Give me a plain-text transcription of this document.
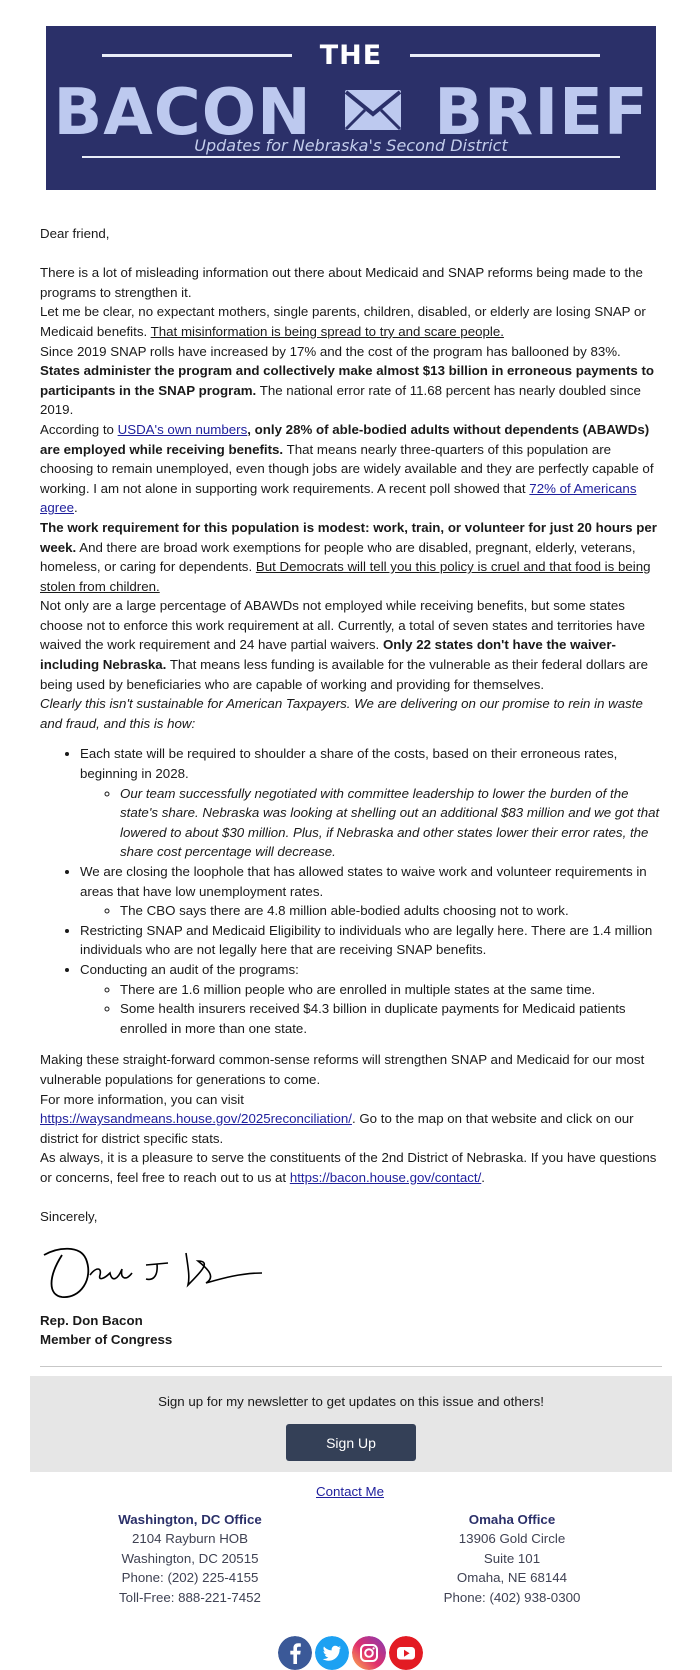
THE
BACON BRIEF
Updates for Nebraska's Second District

Dear friend,

There is a lot of misleading information out there about Medicaid and SNAP reforms being made to the programs to strengthen it.

Let me be clear, no expectant mothers, single parents, children, disabled, or elderly are losing SNAP or Medicaid benefits. That misinformation is being spread to try and scare people.

Since 2019 SNAP rolls have increased by 17% and the cost of the program has ballooned by 83%.

States administer the program and collectively make almost $13 billion in erroneous payments to participants in the SNAP program. The national error rate of 11.68 percent has nearly doubled since 2019.

According to USDA's own numbers, only 28% of able-bodied adults without dependents (ABAWDs) are employed while receiving benefits. That means nearly three-quarters of this population are choosing to remain unemployed, even though jobs are widely available and they are perfectly capable of working. I am not alone in supporting work requirements. A recent poll showed that 72% of Americans agree.

The work requirement for this population is modest: work, train, or volunteer for just 20 hours per week. And there are broad work exemptions for people who are disabled, pregnant, elderly, veterans, homeless, or caring for dependents. But Democrats will tell you this policy is cruel and that food is being stolen from children.

Not only are a large percentage of ABAWDs not employed while receiving benefits, but some states choose not to enforce this work requirement at all. Currently, a total of seven states and territories have waived the work requirement and 24 have partial waivers. Only 22 states don't have the waiver-including Nebraska. That means less funding is available for the vulnerable as their federal dollars are being used by beneficiaries who are capable of working and providing for themselves.

Clearly this isn't sustainable for American Taxpayers. We are delivering on our promise to rein in waste and fraud, and this is how:

• Each state will be required to shoulder a share of the costs, based on their erroneous rates, beginning in 2028.
◦ Our team successfully negotiated with committee leadership to lower the burden of the state's share. Nebraska was looking at shelling out an additional $83 million and we got that lowered to about $30 million. Plus, if Nebraska and other states lower their error rates, the share cost percentage will decrease.
• We are closing the loophole that has allowed states to waive work and volunteer requirements in areas that have low unemployment rates.
◦ The CBO says there are 4.8 million able-bodied adults choosing not to work.
• Restricting SNAP and Medicaid Eligibility to individuals who are legally here. There are 1.4 million individuals who are not legally here that are receiving SNAP benefits.
• Conducting an audit of the programs:
◦ There are 1.6 million people who are enrolled in multiple states at the same time.
◦ Some health insurers received $4.3 billion in duplicate payments for Medicaid patients enrolled in more than one state.

Making these straight-forward common-sense reforms will strengthen SNAP and Medicaid for our most vulnerable populations for generations to come.

For more information, you can visit

https://waysandmeans.house.gov/2025reconciliation/. Go to the map on that website and click on our district for district specific stats.

As always, it is a pleasure to serve the constituents of the 2nd District of Nebraska. If you have questions or concerns, feel free to reach out to us at https://bacon.house.gov/contact/.

Sincerely,

Rep. Don Bacon

Member of Congress

Sign up for my newsletter to get updates on this issue and others!
Sign Up
Contact Me
Washington, DC Office
2104 Rayburn HOB
Washington, DC 20515
Phone: (202) 225-4155
Toll-Free: 888-221-7452
Omaha Office
13906 Gold Circle
Suite 101
Omaha, NE 68144
Phone: (402) 938-0300
